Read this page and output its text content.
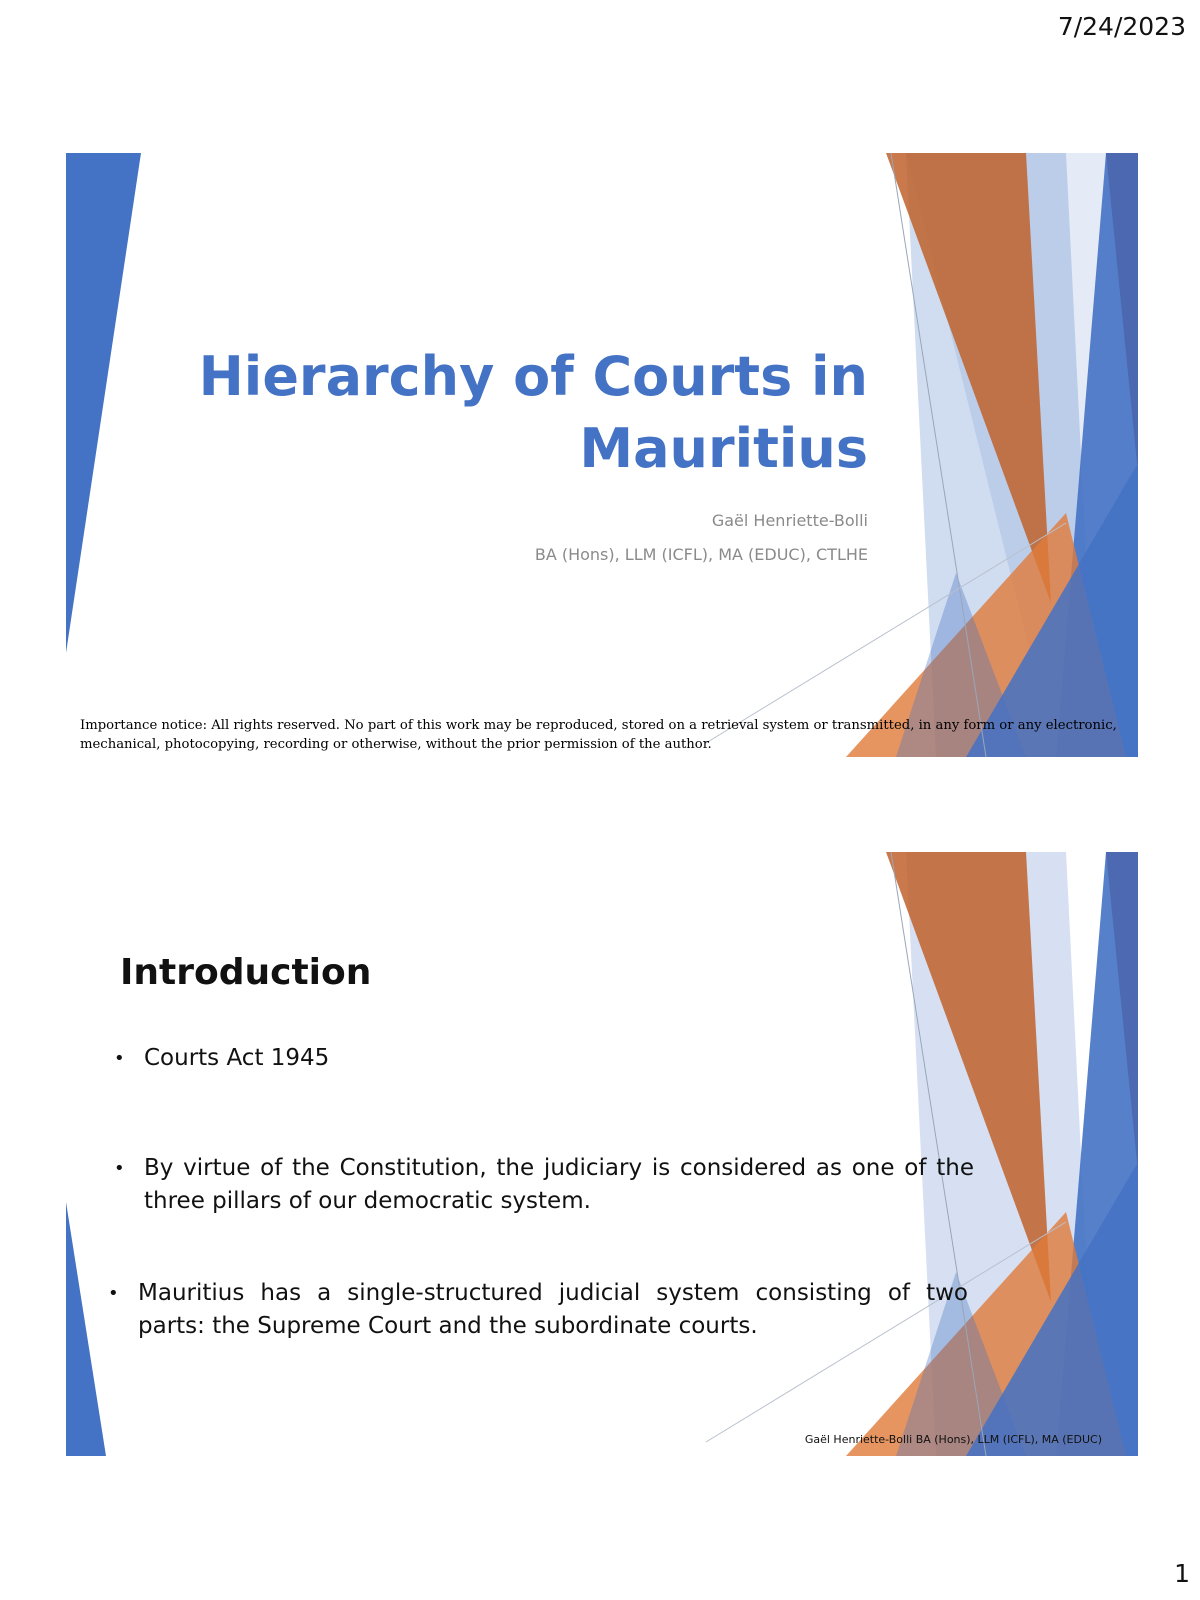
7/24/2023
Hierarchy of Courts in
Mauritius
Gaël Henriette-Bolli
BA (Hons), LLM (ICFL), MA (EDUC), CTLHE
Importance notice: All rights reserved. No part of this work may be reproduced, stored on a retrieval system or transmitted, in any form or any electronic, mechanical, photocopying, recording or otherwise, without the prior permission of the author.
Introduction
• Courts Act 1945
• By virtue of the Constitution, the judiciary is considered as one of the three pillars of our democratic system.
• Mauritius has a single-structured judicial system consisting of two parts: the Supreme Court and the subordinate courts.
Gaël Henriette-Bolli BA (Hons), LLM (ICFL), MA (EDUC)
1
